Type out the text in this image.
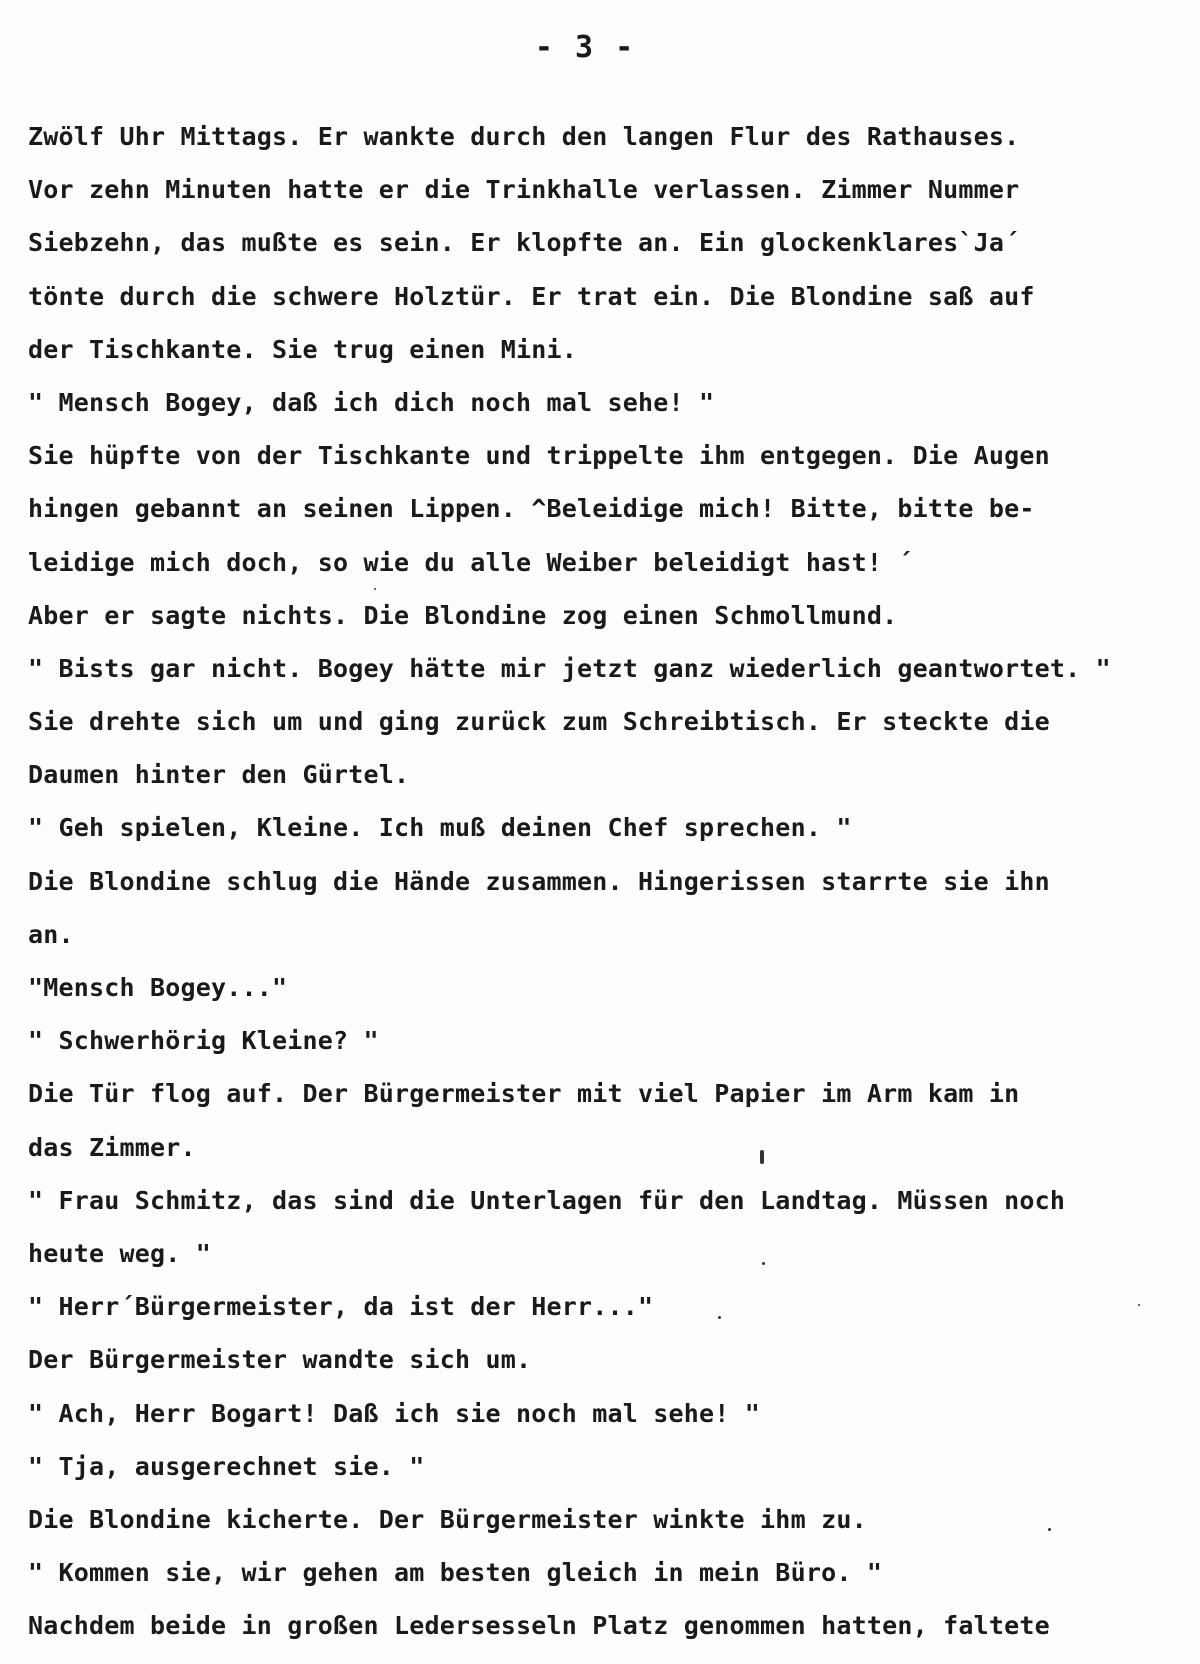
- 3 -
Zwölf Uhr Mittags. Er wankte durch den langen Flur des Rathauses.
Vor zehn Minuten hatte er die Trinkhalle verlassen. Zimmer Nummer
Siebzehn, das mußte es sein. Er klopfte an. Ein glockenklares`Ja´
tönte durch die schwere Holztür. Er trat ein. Die Blondine saß auf
der Tischkante. Sie trug einen Mini.
" Mensch Bogey, daß ich dich noch mal sehe! "
Sie hüpfte von der Tischkante und trippelte ihm entgegen. Die Augen
hingen gebannt an seinen Lippen. ^Beleidige mich! Bitte, bitte be-
leidige mich doch, so wie du alle Weiber beleidigt hast! ´
Aber er sagte nichts. Die Blondine zog einen Schmollmund.
" Bists gar nicht. Bogey hätte mir jetzt ganz wiederlich geantwortet. "
Sie drehte sich um und ging zurück zum Schreibtisch. Er steckte die
Daumen hinter den Gürtel.
" Geh spielen, Kleine. Ich muß deinen Chef sprechen. "
Die Blondine schlug die Hände zusammen. Hingerissen starrte sie ihn
an.
"Mensch Bogey..."
" Schwerhörig Kleine? "
Die Tür flog auf. Der Bürgermeister mit viel Papier im Arm kam in
das Zimmer.
" Frau Schmitz, das sind die Unterlagen für den Landtag. Müssen noch
heute weg. "
" Herr´Bürgermeister, da ist der Herr..."
Der Bürgermeister wandte sich um.
" Ach, Herr Bogart! Daß ich sie noch mal sehe! "
" Tja, ausgerechnet sie. "
Die Blondine kicherte. Der Bürgermeister winkte ihm zu.
" Kommen sie, wir gehen am besten gleich in mein Büro. "
Nachdem beide in großen Ledersesseln Platz genommen hatten, faltete
